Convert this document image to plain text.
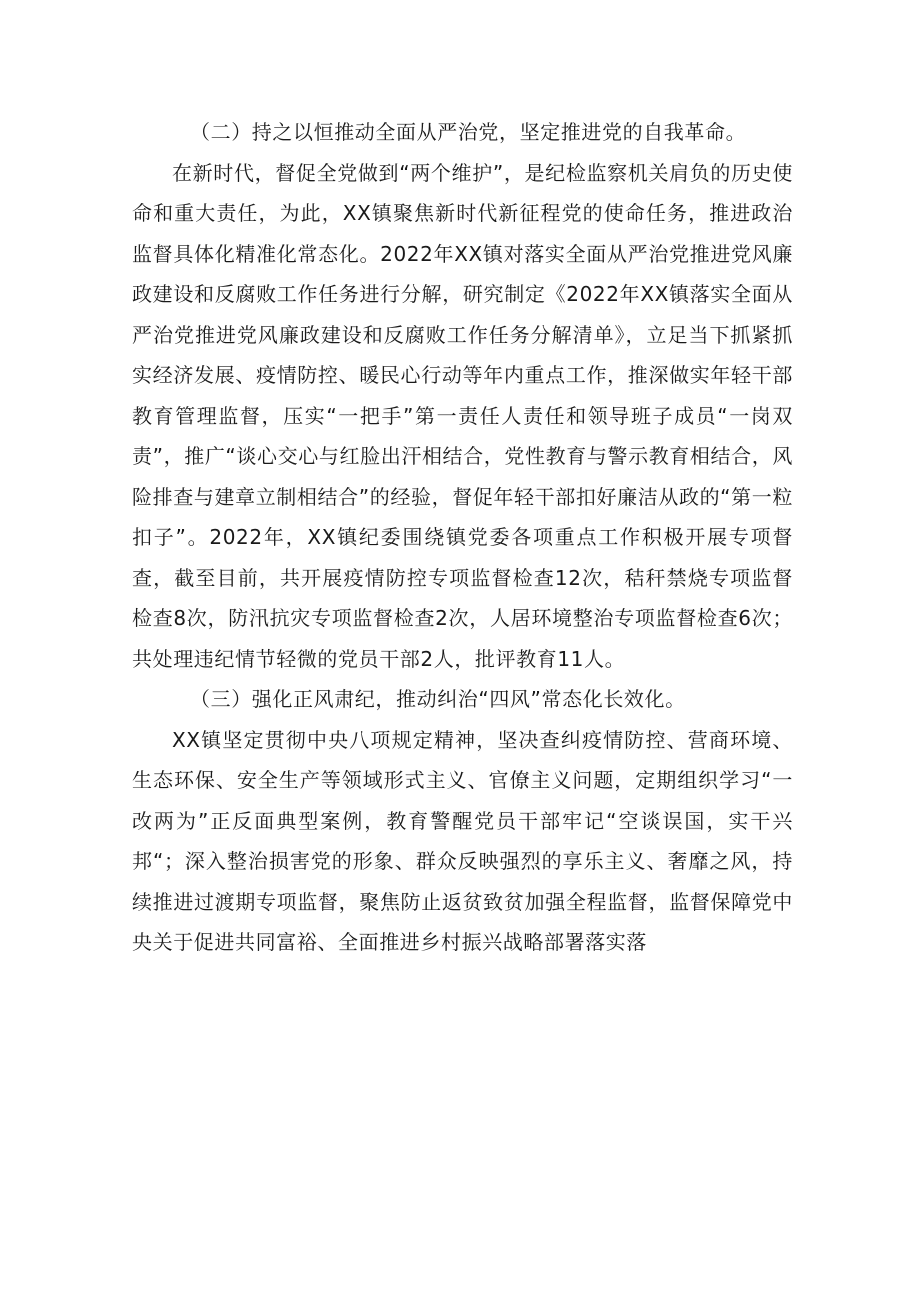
（二）持之以恒推动全面从严治党，坚定推进党的自我革命。

在新时代，督促全党做到“两个维护”，是纪检监察机关肩负的历史使命和重大责任，为此，XX镇聚焦新时代新征程党的使命任务，推进政治监督具体化精准化常态化。2022年XX镇对落实全面从严治党推进党风廉政建设和反腐败工作任务进行分解，研究制定《2022年XX镇落实全面从严治党推进党风廉政建设和反腐败工作任务分解清单》，立足当下抓紧抓实经济发展、疫情防控、暖民心行动等年内重点工作，推深做实年轻干部教育管理监督，压实“一把手”第一责任人责任和领导班子成员“一岗双责”，推广“谈心交心与红脸出汗相结合，党性教育与警示教育相结合，风险排查与建章立制相结合”的经验，督促年轻干部扣好廉洁从政的“第一粒扣子”。2022年，XX镇纪委围绕镇党委各项重点工作积极开展专项督查，截至目前，共开展疫情防控专项监督检查12次，秸秆禁烧专项监督检查8次，防汛抗灾专项监督检查2次，人居环境整治专项监督检查6次；共处理违纪情节轻微的党员干部2人，批评教育11人。

（三）强化正风肃纪，推动纠治“四风”常态化长效化。

XX镇坚定贯彻中央八项规定精神，坚决查纠疫情防控、营商环境、生态环保、安全生产等领域形式主义、官僚主义问题，定期组织学习“一改两为”正反面典型案例，教育警醒党员干部牢记“空谈误国，实干兴邦“；深入整治损害党的形象、群众反映强烈的享乐主义、奢靡之风，持续推进过渡期专项监督，聚焦防止返贫致贫加强全程监督，监督保障党中央关于促进共同富裕、全面推进乡村振兴战略部署落实落
